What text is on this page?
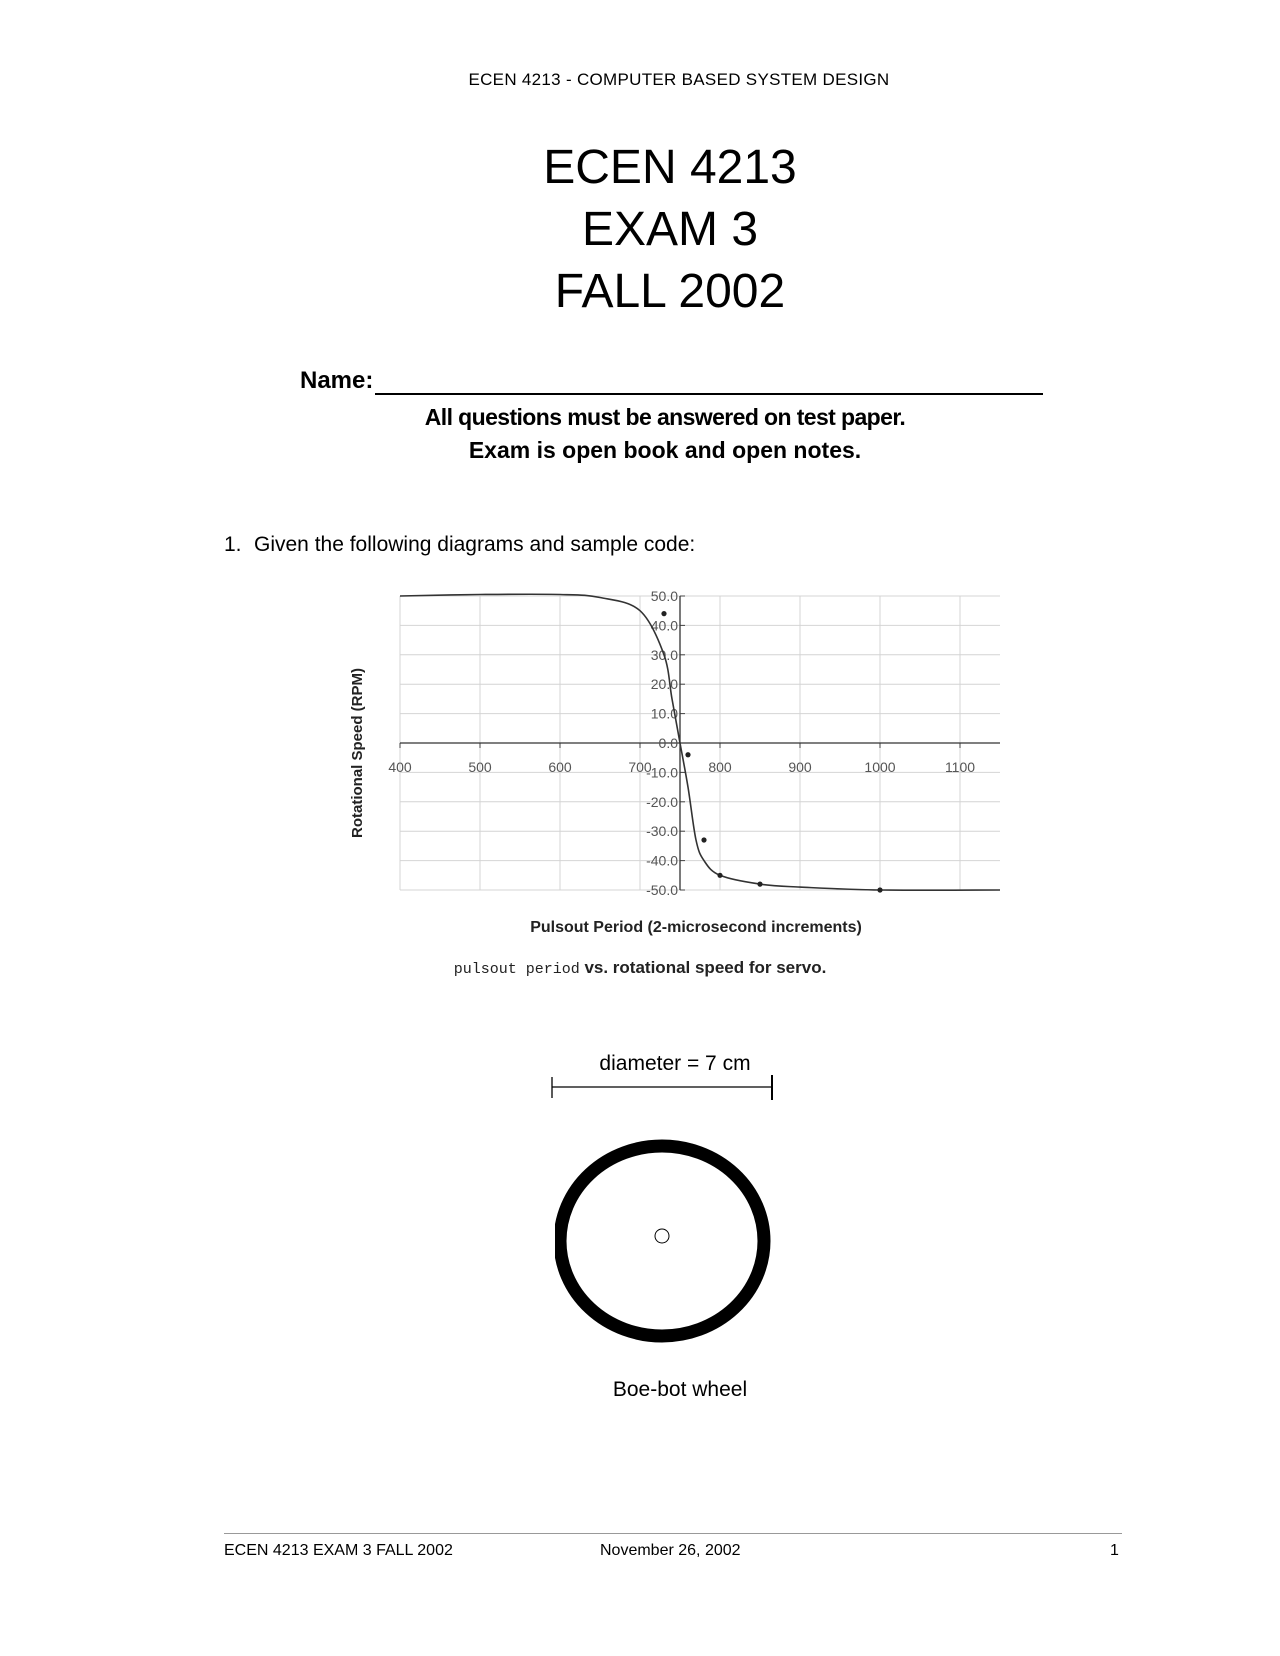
ECEN 4213 - COMPUTER BASED SYSTEM DESIGN
ECEN 4213
EXAM 3
FALL 2002
Name:
All questions must be answered on test paper.
Exam is open book and open notes.
1. Given the following diagrams and sample code:
50.0
40.0
30.0
20.0
10.0
0.0
-10.0
-20.0
-30.0
-40.0
-50.0
400	500	600	700	800	900	1000	1100
Rotational Speed (RPM)
Pulsout Period (2-microsecond increments)
pulsout period vs. rotational speed for servo.
diameter = 7 cm
Boe-bot wheel
ECEN 4213 EXAM 3 FALL 2002	November 26, 2002	1
